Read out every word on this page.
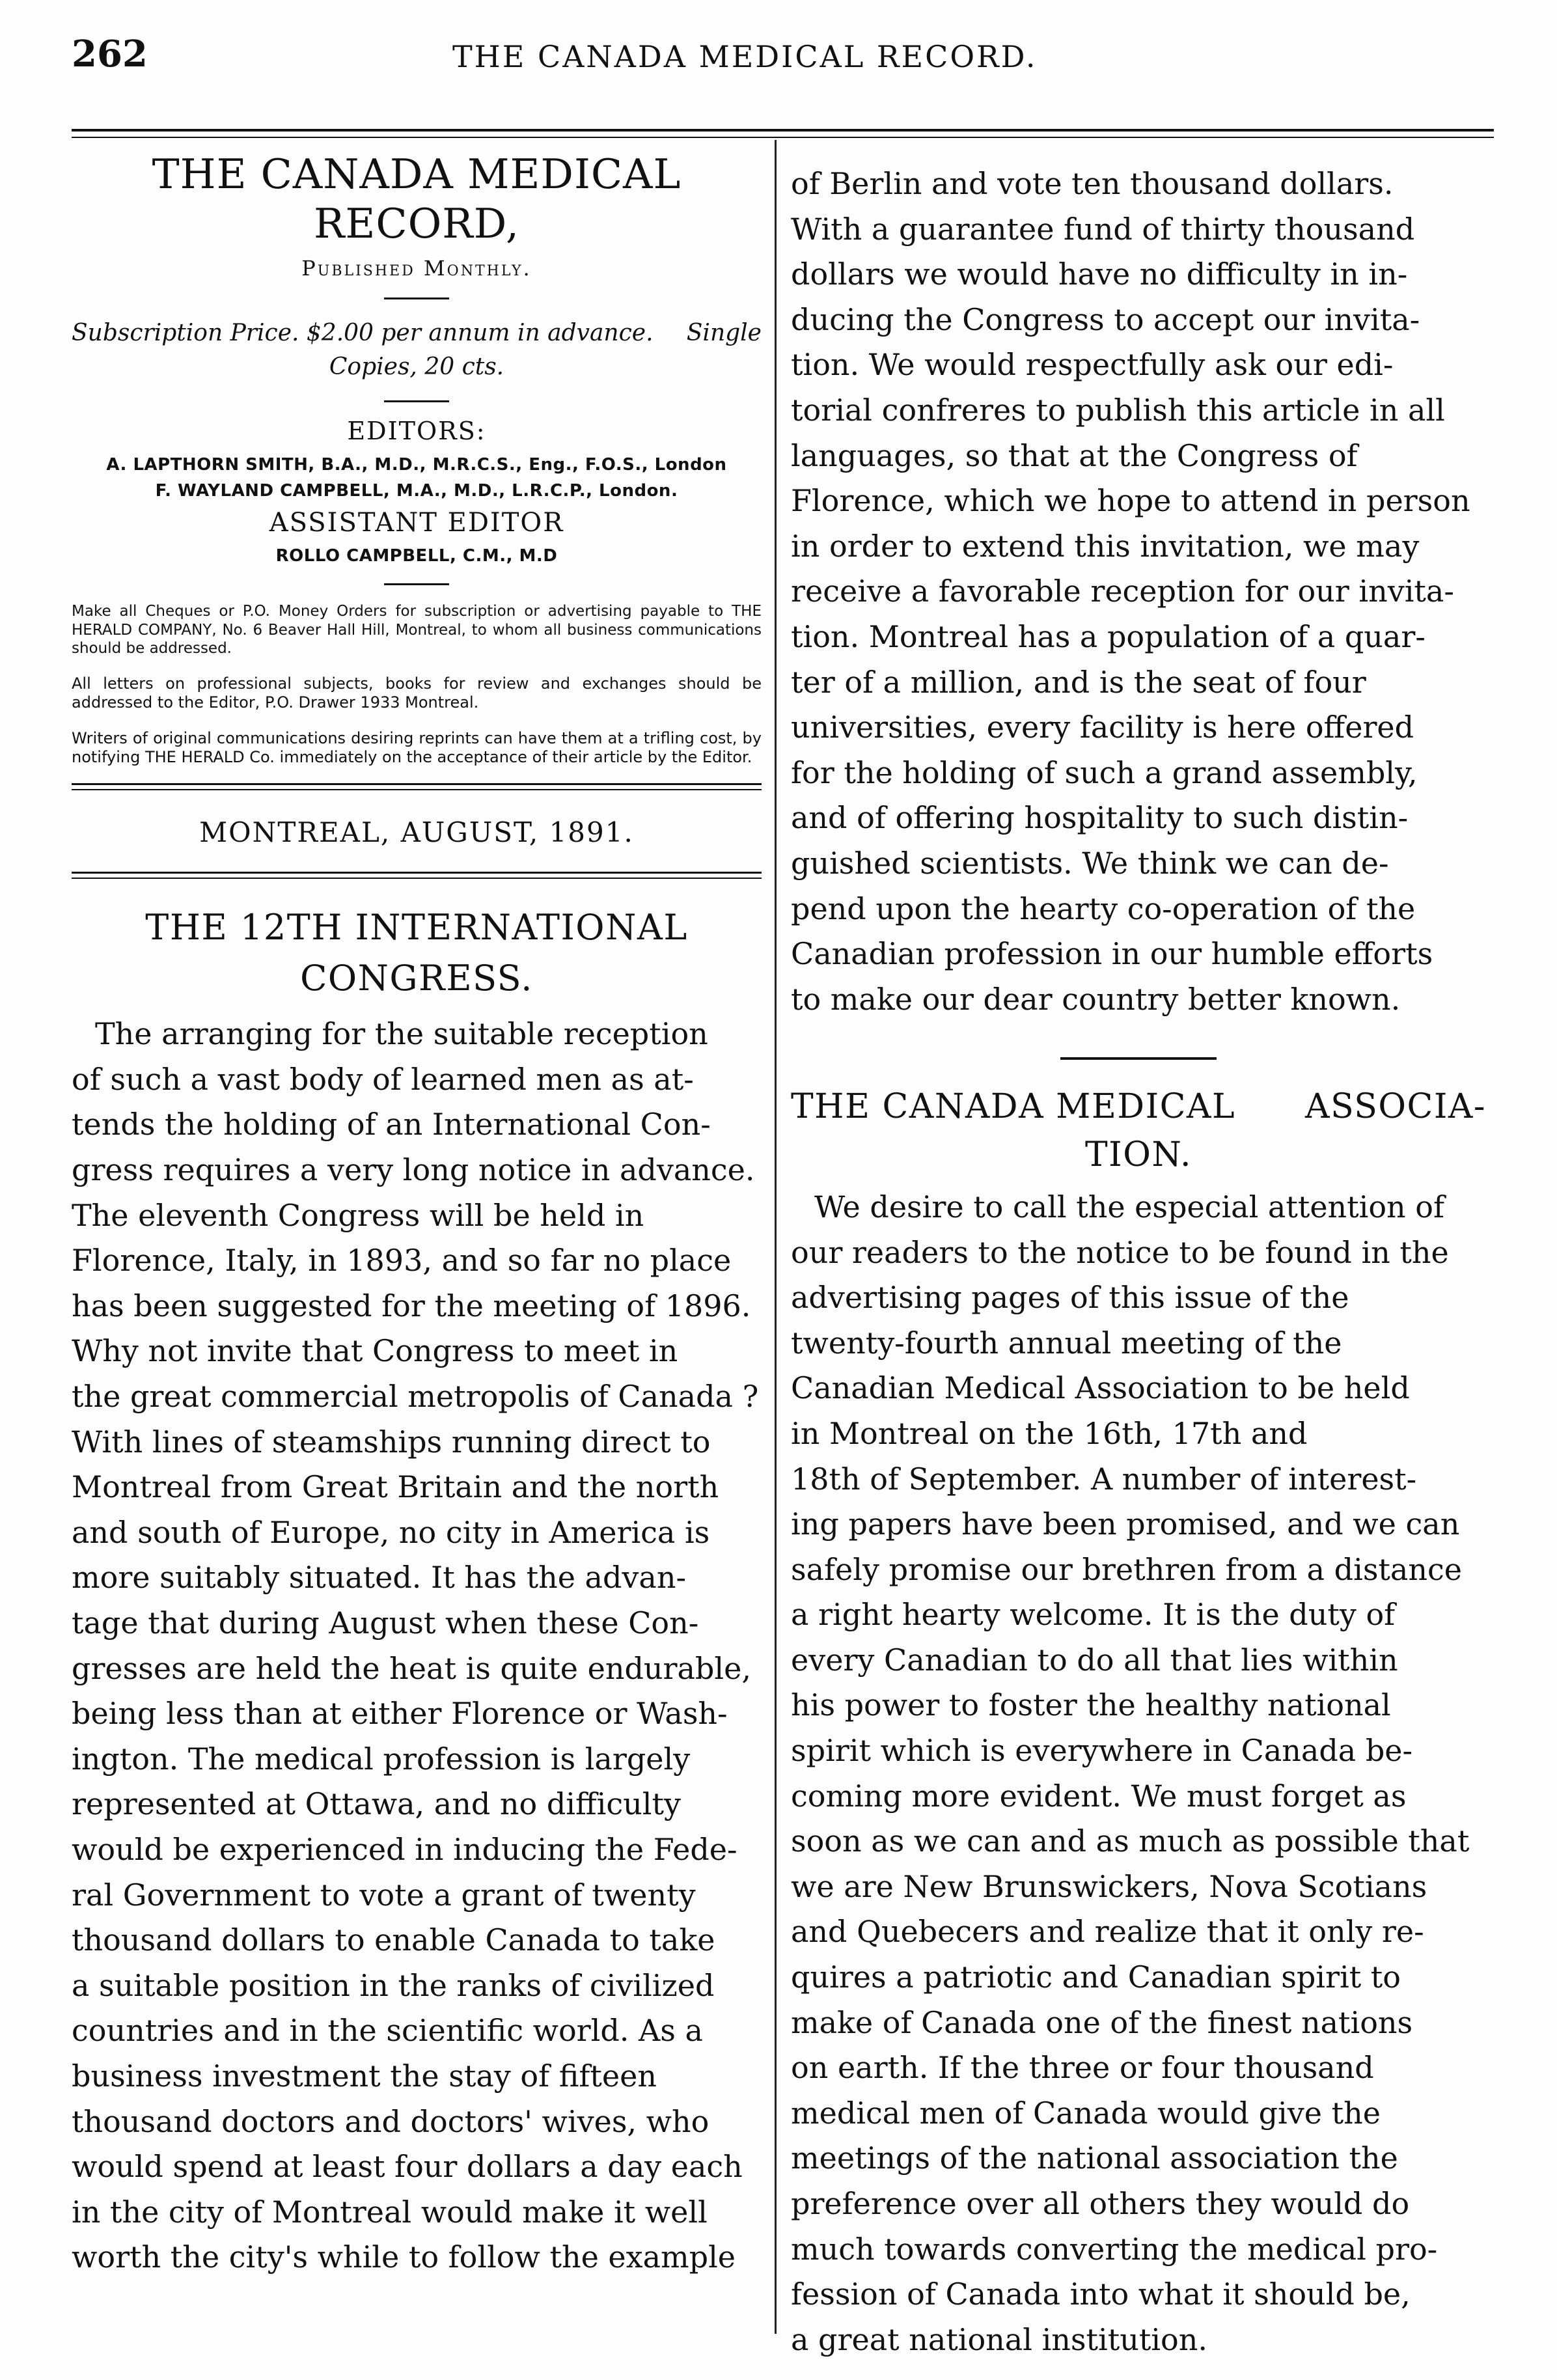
262	THE CANADA MEDICAL RECORD.
THE CANADA MEDICAL RECORD,
Published Monthly.
Subscription Price. $2.00 per annum in advance. Single
Copies, 20 cts.
EDITORS:
A. LAPTHORN SMITH, B.A., M.D., M.R.C.S., Eng., F.O.S., London
F. WAYLAND CAMPBELL, M.A., M.D., L.R.C.P., London.
ASSISTANT EDITOR
ROLLO CAMPBELL, C.M., M.D

Make all Cheques or P.O. Money Orders for subscription or advertising payable to THE HERALD COMPANY, No. 6 Beaver Hall Hill, Montreal, to whom all business communications should be addressed.

All letters on professional subjects, books for review and exchanges should be addressed to the Editor, P.O. Drawer 1933 Montreal.

Writers of original communications desiring reprints can have them at a trifling cost, by notifying THE HERALD Co. immediately on the acceptance of their article by the Editor.

MONTREAL, AUGUST, 1891.
THE 12TH INTERNATIONAL
CONGRESS.
The arranging for the suitable reception
of such a vast body of learned men as at-
tends the holding of an International Con-
gress requires a very long notice in advance.
The eleventh Congress will be held in
Florence, Italy, in 1893, and so far no place
has been suggested for the meeting of 1896.
Why not invite that Congress to meet in
the great commercial metropolis of Canada ?
With lines of steamships running direct to
Montreal from Great Britain and the north
and south of Europe, no city in America is
more suitably situated. It has the advan-
tage that during August when these Con-
gresses are held the heat is quite endurable,
being less than at either Florence or Wash-
ington. The medical profession is largely
represented at Ottawa, and no difficulty
would be experienced in inducing the Fede-
ral Government to vote a grant of twenty
thousand dollars to enable Canada to take
a suitable position in the ranks of civilized
countries and in the scientific world. As a
business investment the stay of fifteen
thousand doctors and doctors' wives, who
would spend at least four dollars a day each
in the city of Montreal would make it well
worth the city's while to follow the example
of Berlin and vote ten thousand dollars.
With a guarantee fund of thirty thousand
dollars we would have no difficulty in in-
ducing the Congress to accept our invita-
tion. We would respectfully ask our edi-
torial confreres to publish this article in all
languages, so that at the Congress of
Florence, which we hope to attend in person
in order to extend this invitation, we may
receive a favorable reception for our invita-
tion. Montreal has a population of a quar-
ter of a million, and is the seat of four
universities, every facility is here offered
for the holding of such a grand assembly,
and of offering hospitality to such distin-
guished scientists. We think we can de-
pend upon the hearty co-operation of the
Canadian profession in our humble efforts
to make our dear country better known.
THE CANADA MEDICAL ASSOCIA-
TION.
We desire to call the especial attention of
our readers to the notice to be found in the
advertising pages of this issue of the
twenty-fourth annual meeting of the
Canadian Medical Association to be held
in Montreal on the 16th, 17th and
18th of September. A number of interest-
ing papers have been promised, and we can
safely promise our brethren from a distance
a right hearty welcome. It is the duty of
every Canadian to do all that lies within
his power to foster the healthy national
spirit which is everywhere in Canada be-
coming more evident. We must forget as
soon as we can and as much as possible that
we are New Brunswickers, Nova Scotians
and Quebecers and realize that it only re-
quires a patriotic and Canadian spirit to
make of Canada one of the finest nations
on earth. If the three or four thousand
medical men of Canada would give the
meetings of the national association the
preference over all others they would do
much towards converting the medical pro-
fession of Canada into what it should be,
a great national institution.
